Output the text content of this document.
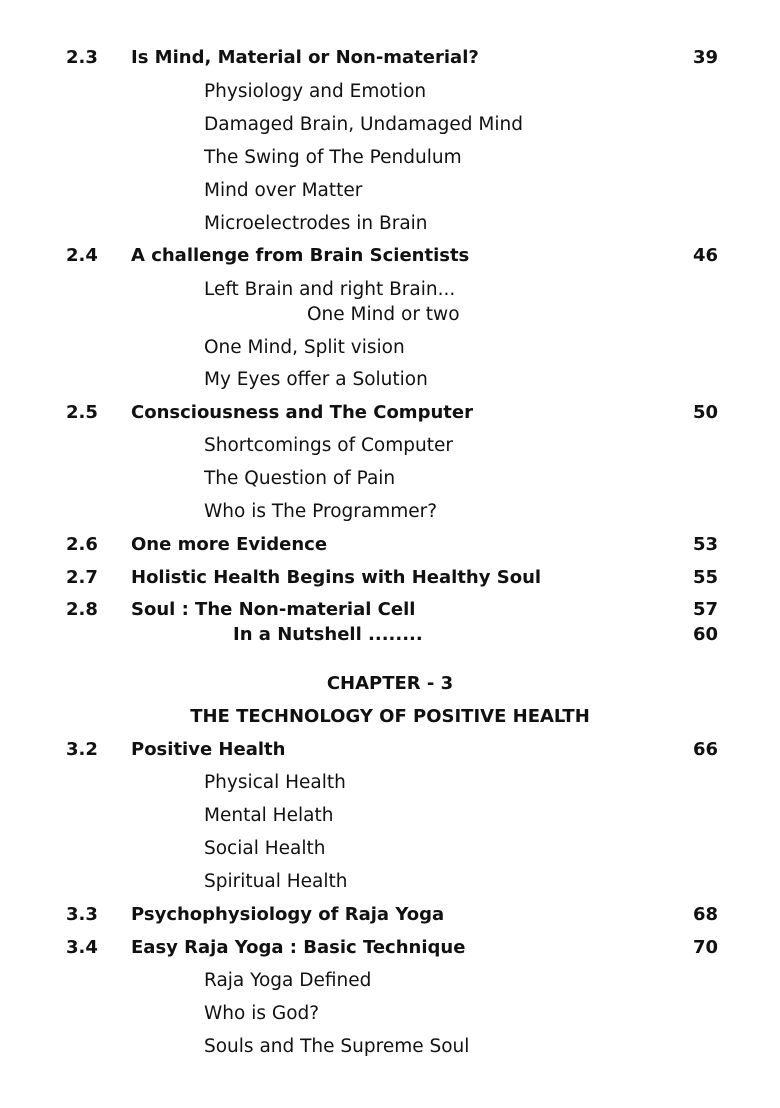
2.3 Is Mind, Material or Non-material?	39
Physiology and Emotion
Damaged Brain, Undamaged Mind
The Swing of The Pendulum
Mind over Matter
Microelectrodes in Brain
2.4 A challenge from Brain Scientists	46
Left Brain and right Brain...
One Mind or two
One Mind, Split vision
My Eyes offer a Solution
2.5 Consciousness and The Computer	50
Shortcomings of Computer
The Question of Pain
Who is The Programmer?
2.6 One more Evidence	53
2.7 Holistic Health Begins with Healthy Soul	55
2.8 Soul : The Non-material Cell	57
In a Nutshell ........	60
CHAPTER - 3
THE TECHNOLOGY OF POSITIVE HEALTH
3.2 Positive Health	66
Physical Health
Mental Helath
Social Health
Spiritual Health
3.3 Psychophysiology of Raja Yoga	68
3.4 Easy Raja Yoga : Basic Technique	70
Raja Yoga Defined
Who is God?
Souls and The Supreme Soul
